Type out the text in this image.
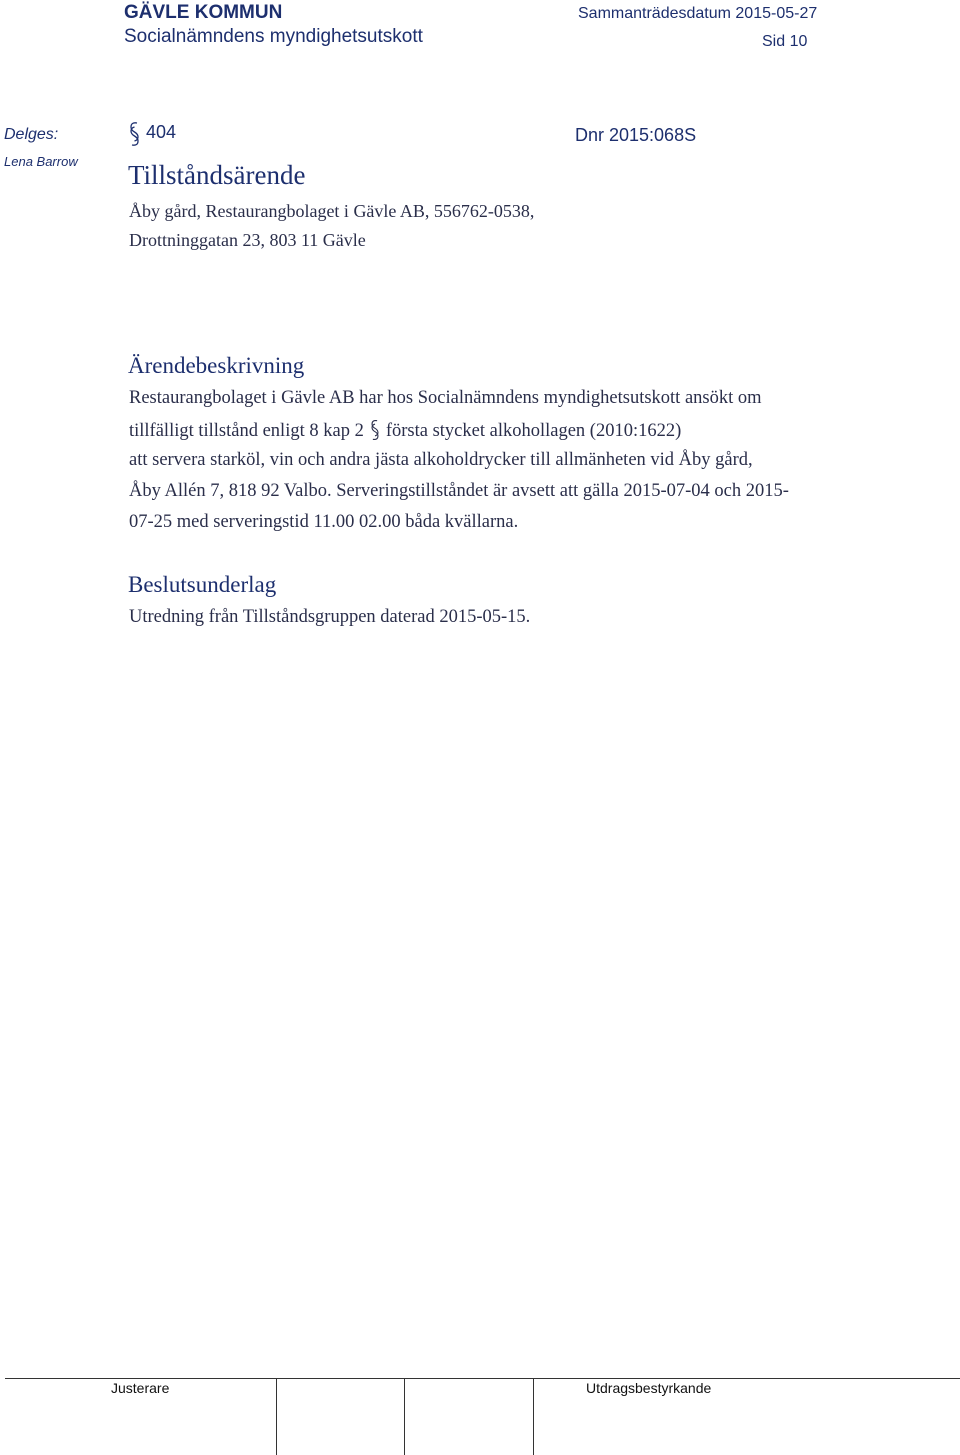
GÄVLE KOMMUN
Socialnämndens myndighetsutskott
Sammanträdesdatum 2015-05-27
Sid 10
Delges:
Lena Barrow
404	Dnr 2015:068S
Tillståndsärende
Åby gård, Restaurangbolaget i Gävle AB, 556762-0538,
Drottninggatan 23, 803 11 Gävle
Ärendebeskrivning
Restaurangbolaget i Gävle AB har hos Socialnämndens myndighetsutskott ansökt om
tillfälligt tillstånd enligt 8 kap 2 första stycket alkohollagen (2010:1622)
att servera starköl, vin och andra jästa alkoholdrycker till allmänheten vid Åby gård,
Åby Allén 7, 818 92 Valbo. Serveringstillståndet är avsett att gälla 2015-07-04 och 2015-
07-25 med serveringstid 11.00 02.00 båda kvällarna.
Beslutsunderlag
Utredning från Tillståndsgruppen daterad 2015-05-15.
Justerare	Utdragsbestyrkande
